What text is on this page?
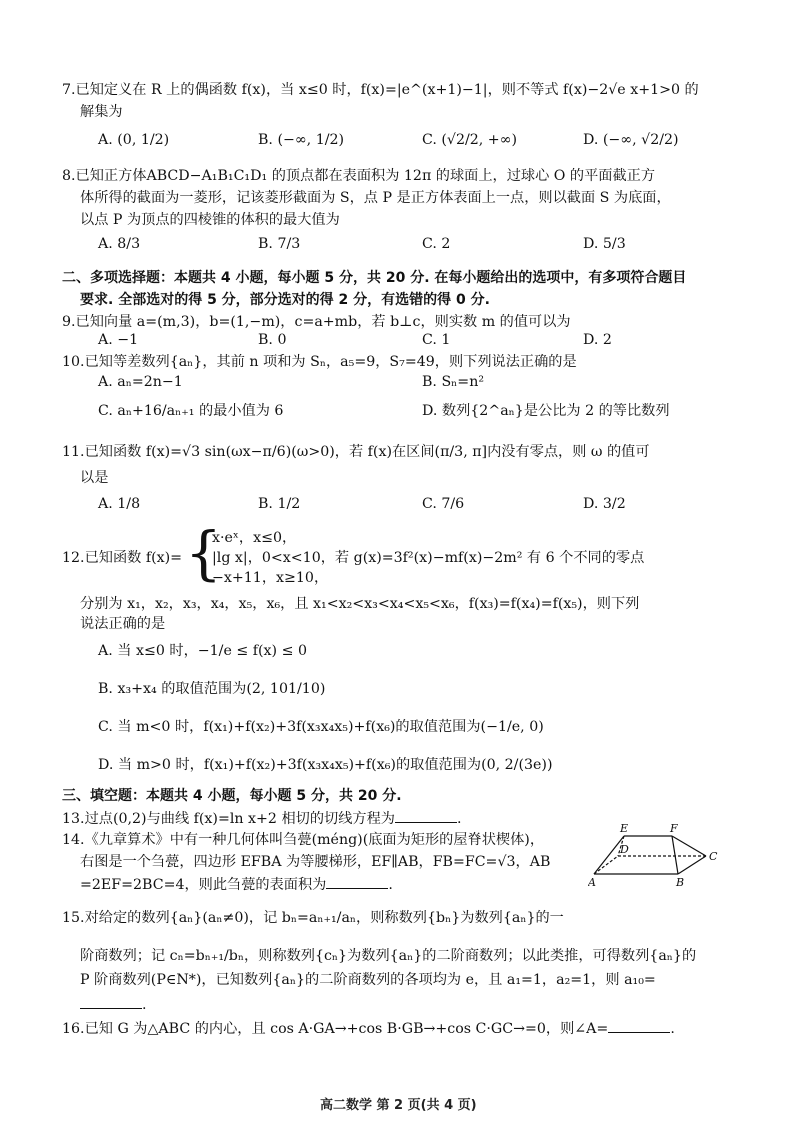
7.已知定义在 R 上的偶函数 f(x)，当 x≤0 时，f(x)=|e^(x+1)−1|，则不等式 f(x)−2√e x+1>0 的
解集为
A. (0, 1/2)	B. (−∞, 1/2)	C. (√2/2, +∞)	D. (−∞, √2/2)
8.已知正方体ABCD−A₁B₁C₁D₁ 的顶点都在表面积为 12π 的球面上，过球心 O 的平面截正方
体所得的截面为一菱形，记该菱形截面为 S，点 P 是正方体表面上一点，则以截面 S 为底面，
以点 P 为顶点的四棱锥的体积的最大值为
A. 8/3	B. 7/3	C. 2	D. 5/3
二、多项选择题：本题共 4 小题，每小题 5 分，共 20 分. 在每小题给出的选项中，有多项符合题目
要求. 全部选对的得 5 分，部分选对的得 2 分，有选错的得 0 分.
9.已知向量 a=(m,3)，b=(1,−m)，c=a+mb，若 b⊥c，则实数 m 的值可以为
A. −1	B. 0	C. 1	D. 2
10.已知等差数列{aₙ}，其前 n 项和为 Sₙ，a₅=9，S₇=49，则下列说法正确的是
A. aₙ=2n−1	B. Sₙ=n²
C. aₙ+16/aₙ₊₁ 的最小值为 6	D. 数列{2^aₙ}是公比为 2 的等比数列
11.已知函数 f(x)=√3 sin(ωx−π/6)(ω>0)，若 f(x)在区间(π/3, π]内没有零点，则 ω 的值可
以是
A. 1/8	B. 1/2	C. 7/6	D. 3/2
12.已知函数 f(x)= {
x·eˣ，x≤0，
|lg x|，0<x<10，若 g(x)=3f²(x)−mf(x)−2m² 有 6 个不同的零点
−x+11，x≥10，
分别为 x₁，x₂，x₃，x₄，x₅，x₆，且 x₁<x₂<x₃<x₄<x₅<x₆，f(x₃)=f(x₄)=f(x₅)，则下列
说法正确的是
A. 当 x≤0 时，−1/e ≤ f(x) ≤ 0
B. x₃+x₄ 的取值范围为(2, 101/10)
C. 当 m<0 时，f(x₁)+f(x₂)+3f(x₃x₄x₅)+f(x₆)的取值范围为(−1/e, 0)
D. 当 m>0 时，f(x₁)+f(x₂)+3f(x₃x₄x₅)+f(x₆)的取值范围为(0, 2/(3e))
三、填空题：本题共 4 小题，每小题 5 分，共 20 分.
13.过点(0,2)与曲线 f(x)=ln x+2 相切的切线方程为	.
14.《九章算术》中有一种几何体叫刍甍(méng)(底面为矩形的屋脊状楔体)，
右图是一个刍甍，四边形 EFBA 为等腰梯形，EF∥AB，FB=FC=√3，AB
=2EF=2BC=4，则此刍甍的表面积为	.
E	F
C
D
A	B
15.对给定的数列{aₙ}(aₙ≠0)，记 bₙ=aₙ₊₁/aₙ，则称数列{bₙ}为数列{aₙ}的一
阶商数列；记 cₙ=bₙ₊₁/bₙ，则称数列{cₙ}为数列{aₙ}的二阶商数列；以此类推，可得数列{aₙ}的
P 阶商数列(P∈N*)，已知数列{aₙ}的二阶商数列的各项均为 e，且 a₁=1，a₂=1，则 a₁₀=
.
16.已知 G 为△ABC 的内心，且 cos A·GA→+cos B·GB→+cos C·GC→=0，则∠A=	.
高二数学 第 2 页(共 4 页)
